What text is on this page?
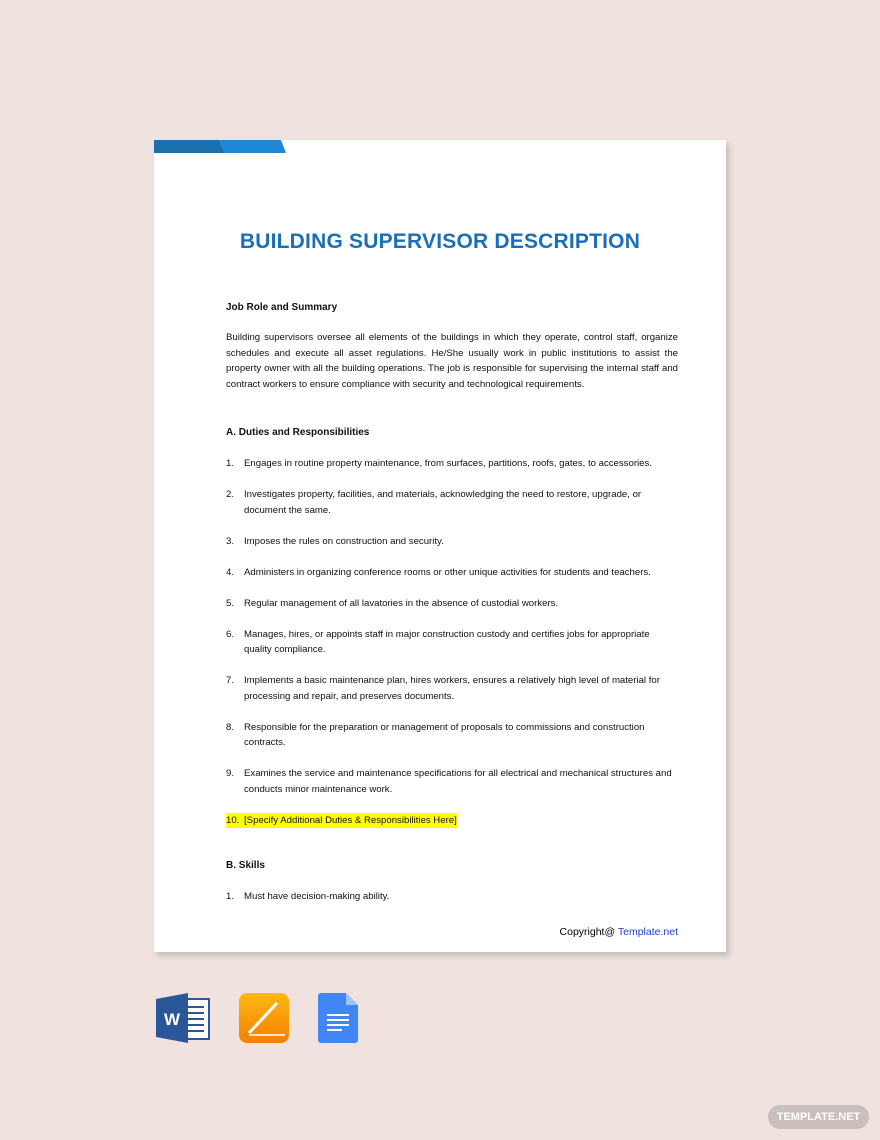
BUILDING SUPERVISOR DESCRIPTION

Job Role and Summary

Building supervisors oversee all elements of the buildings in which they operate, control staff, organize schedules and execute all asset regulations. He/She usually work in public institutions to assist the property owner with all the building operations. The job is responsible for supervising the internal staff and contract workers to ensure compliance with security and technological requirements.

A. Duties and Responsibilities

1.	Engages in routine property maintenance, from surfaces, partitions, roofs, gates, to accessories.
2.	Investigates property, facilities, and materials, acknowledging the need to restore, upgrade, or document the same.
3.	Imposes the rules on construction and security.
4.	Administers in organizing conference rooms or other unique activities for students and teachers.
5.	Regular management of all lavatories in the absence of custodial workers.
6.	Manages, hires, or appoints staff in major construction custody and certifies jobs for appropriate quality compliance.
7.	Implements a basic maintenance plan, hires workers, ensures a relatively high level of material for processing and repair, and preserves documents.
8.	Responsible for the preparation or management of proposals to commissions and construction contracts.
9.	Examines the service and maintenance specifications for all electrical and mechanical structures and conducts minor maintenance work.
10. [Specify Additional Duties & Responsibilities Here]

B. Skills

1.	Must have decision-making ability.
Copyright@ Template.net
W
TEMPLATE.NET
